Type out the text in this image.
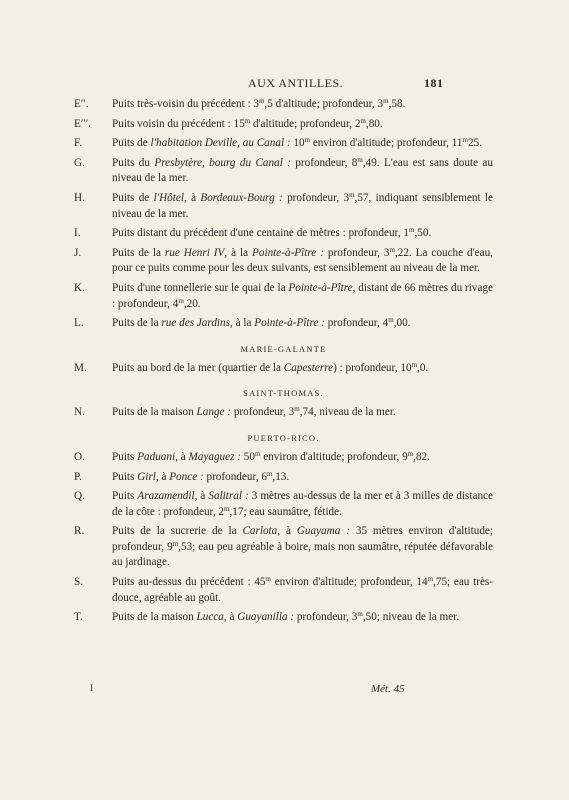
AUX ANTILLES.	181
E′′. Puits très-voisin du précédent : 3$^m$,5 d'altitude; profondeur, 3$^m$,58.
E′′′. Puits voisin du précédent : 15$^m$ d'altitude; profondeur, 2$^m$,80.
F.	Puits de l'habitation Deville, au Canal : 10$^m$ environ d'altitude; profondeur, 11$^m$25.
G. Puits du Presbytère, bourg du Canal : profondeur, 8$^m$,49. L'eau est sans doute au niveau de la mer.
H. Puits de l'Hôtel, à Bordeaux-Bourg : profondeur, 3$^m$,57, indiquant sensiblement le niveau de la mer.
I.	Puits distant du précédent d'une centaine de mètres : profondeur, 1$^m$,50.
J.	Puits de la rue Henri IV, à la Pointe-à-Pître : profondeur, 3$^m$,22. La couche d'eau, pour ce puits comme pour les deux suivants, est sensiblement au niveau de la mer.
K. Puits d'une tonnellerie sur le quai de la Pointe-à-Pître, distant de 66 mètres du rivage : profondeur, 4$^m$,20.
L.	Puits de la rue des Jardins, à la Pointe-à-Pître : profondeur, 4$^m$,00.
MARIE-GALANTE
M. Puits au bord de la mer (quartier de la Capesterre) : profondeur, 10$^m$,0.
SAINT-THOMAS.
N. Puits de la maison Lange : profondeur, 3$^m$,74, niveau de la mer.
PUERTO-RICO.
O. Puits Paduani, à Mayaguez : 50$^m$ environ d'altitude; profondeur, 9$^m$,82.
P.	Puits Girl, à Ponce : profondeur, 6$^m$,13.
Q. Puits Arazamendil, à Salitral : 3 mètres au-dessus de la mer et à 3 milles de distance de la côte : profondeur, 2$^m$,17; eau saumâtre, fétide.
R. Puits de la sucrerie de la Carlota, à Guayama : 35 mètres environ d'altitude; profondeur, 9$^m$,53; eau peu agréable à boire, mais non saumâtre, réputée défavorable au jardinage.
S.	Puits au-dessus du précédent : 45$^m$ environ d'altitude; profondeur, 14$^m$,75; eau très-douce, agréable au goût.
T.	Puits de la maison Lucca, à Guayanilla : profondeur, 3$^m$,50; niveau de la mer.
I	Mét. 45
